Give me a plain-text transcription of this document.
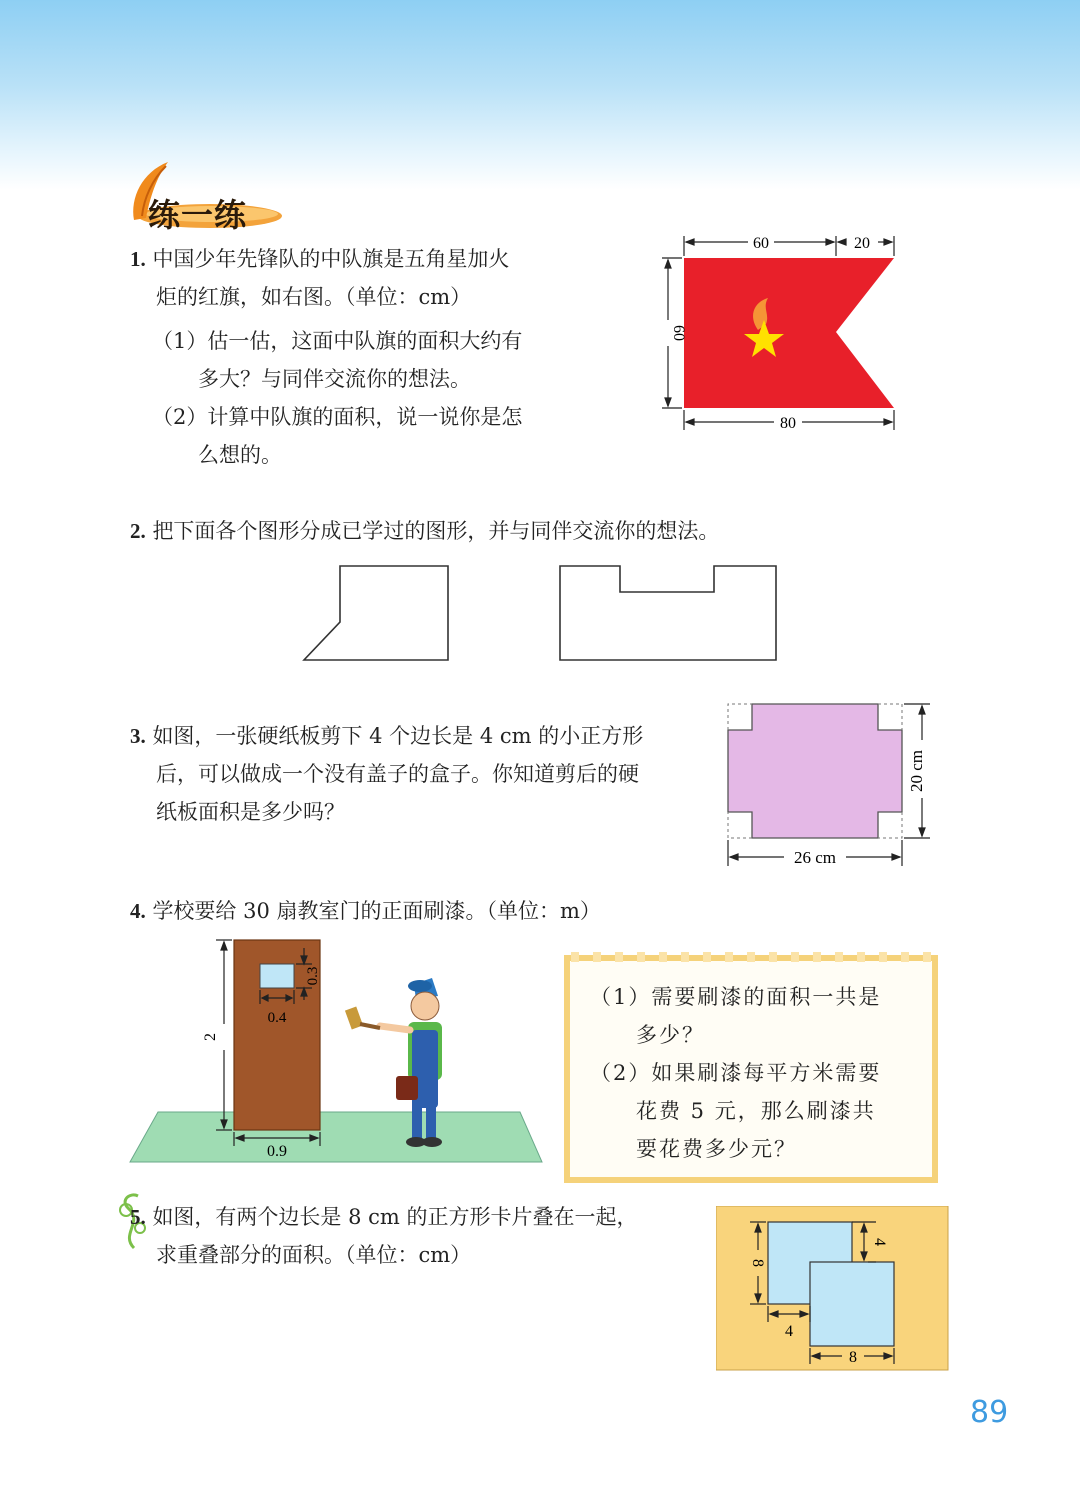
练一练
1. 中国少年先锋队的中队旗是五角星加火
炬的红旗，如右图。（单位：cm）
（1）估一估，这面中队旗的面积大约有
多大？与同伴交流你的想法。
（2）计算中队旗的面积，说一说你是怎
么想的。
60	20
60
80
2. 把下面各个图形分成已学过的图形，并与同伴交流你的想法。
3. 如图，一张硬纸板剪下 4 个边长是 4 cm 的小正方形
后，可以做成一个没有盖子的盒子。你知道剪后的硬
纸板面积是多少吗？
20 cm
26 cm
4. 学校要给 30 扇教室门的正面刷漆。（单位：m）
2
0.3
0.4
0.9
（1）需要刷漆的面积一共是
多少？
（2）如果刷漆每平方米需要
花费 5 元，那么刷漆共
要花费多少元？
5. 如图，有两个边长是 8 cm 的正方形卡片叠在一起，
求重叠部分的面积。（单位：cm）	8
4
4
8
89
